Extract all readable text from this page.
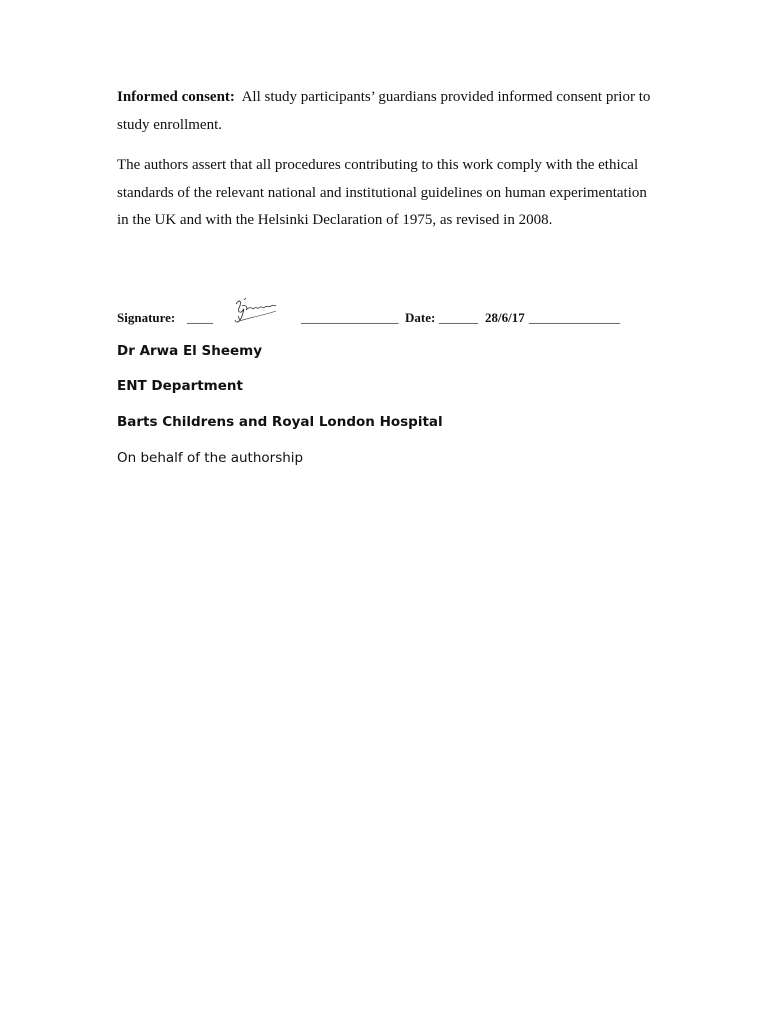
Informed consent: All study participants’ guardians provided informed consent prior to study enrollment.

The authors assert that all procedures contributing to this work comply with the ethical standards of the relevant national and institutional guidelines on human experimentation in the UK and with the Helsinki Declaration of 1975, as revised in 2008.

Signature: ____	_______________ Date: ______ 28/6/17 ______________

Dr Arwa El Sheemy

ENT Department

Barts Childrens and Royal London Hospital

On behalf of the authorship
